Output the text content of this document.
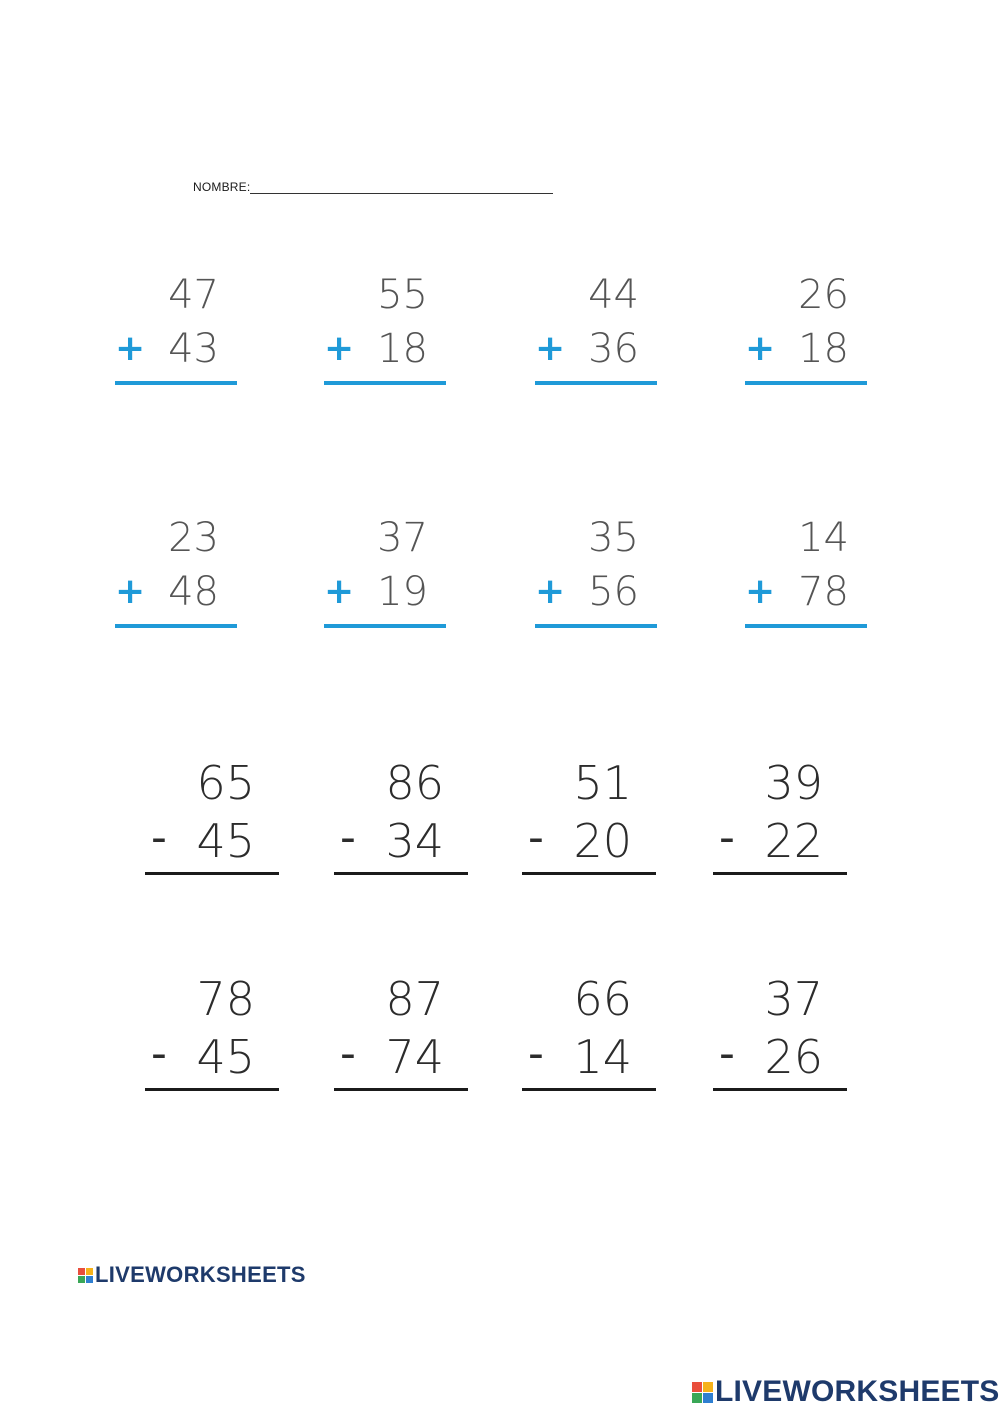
NOMBRE:
47
+ 43
55
+ 18
44
+ 36
26
+ 18
23
+ 48
37
+ 19
35
+ 56
14
+ 78
65
- 45
86
- 34
51
- 20
39
- 22
78
- 45
87
- 74
66
- 14
37
- 26
LIVEWORKSHEETS
LIVEWORKSHEETS
